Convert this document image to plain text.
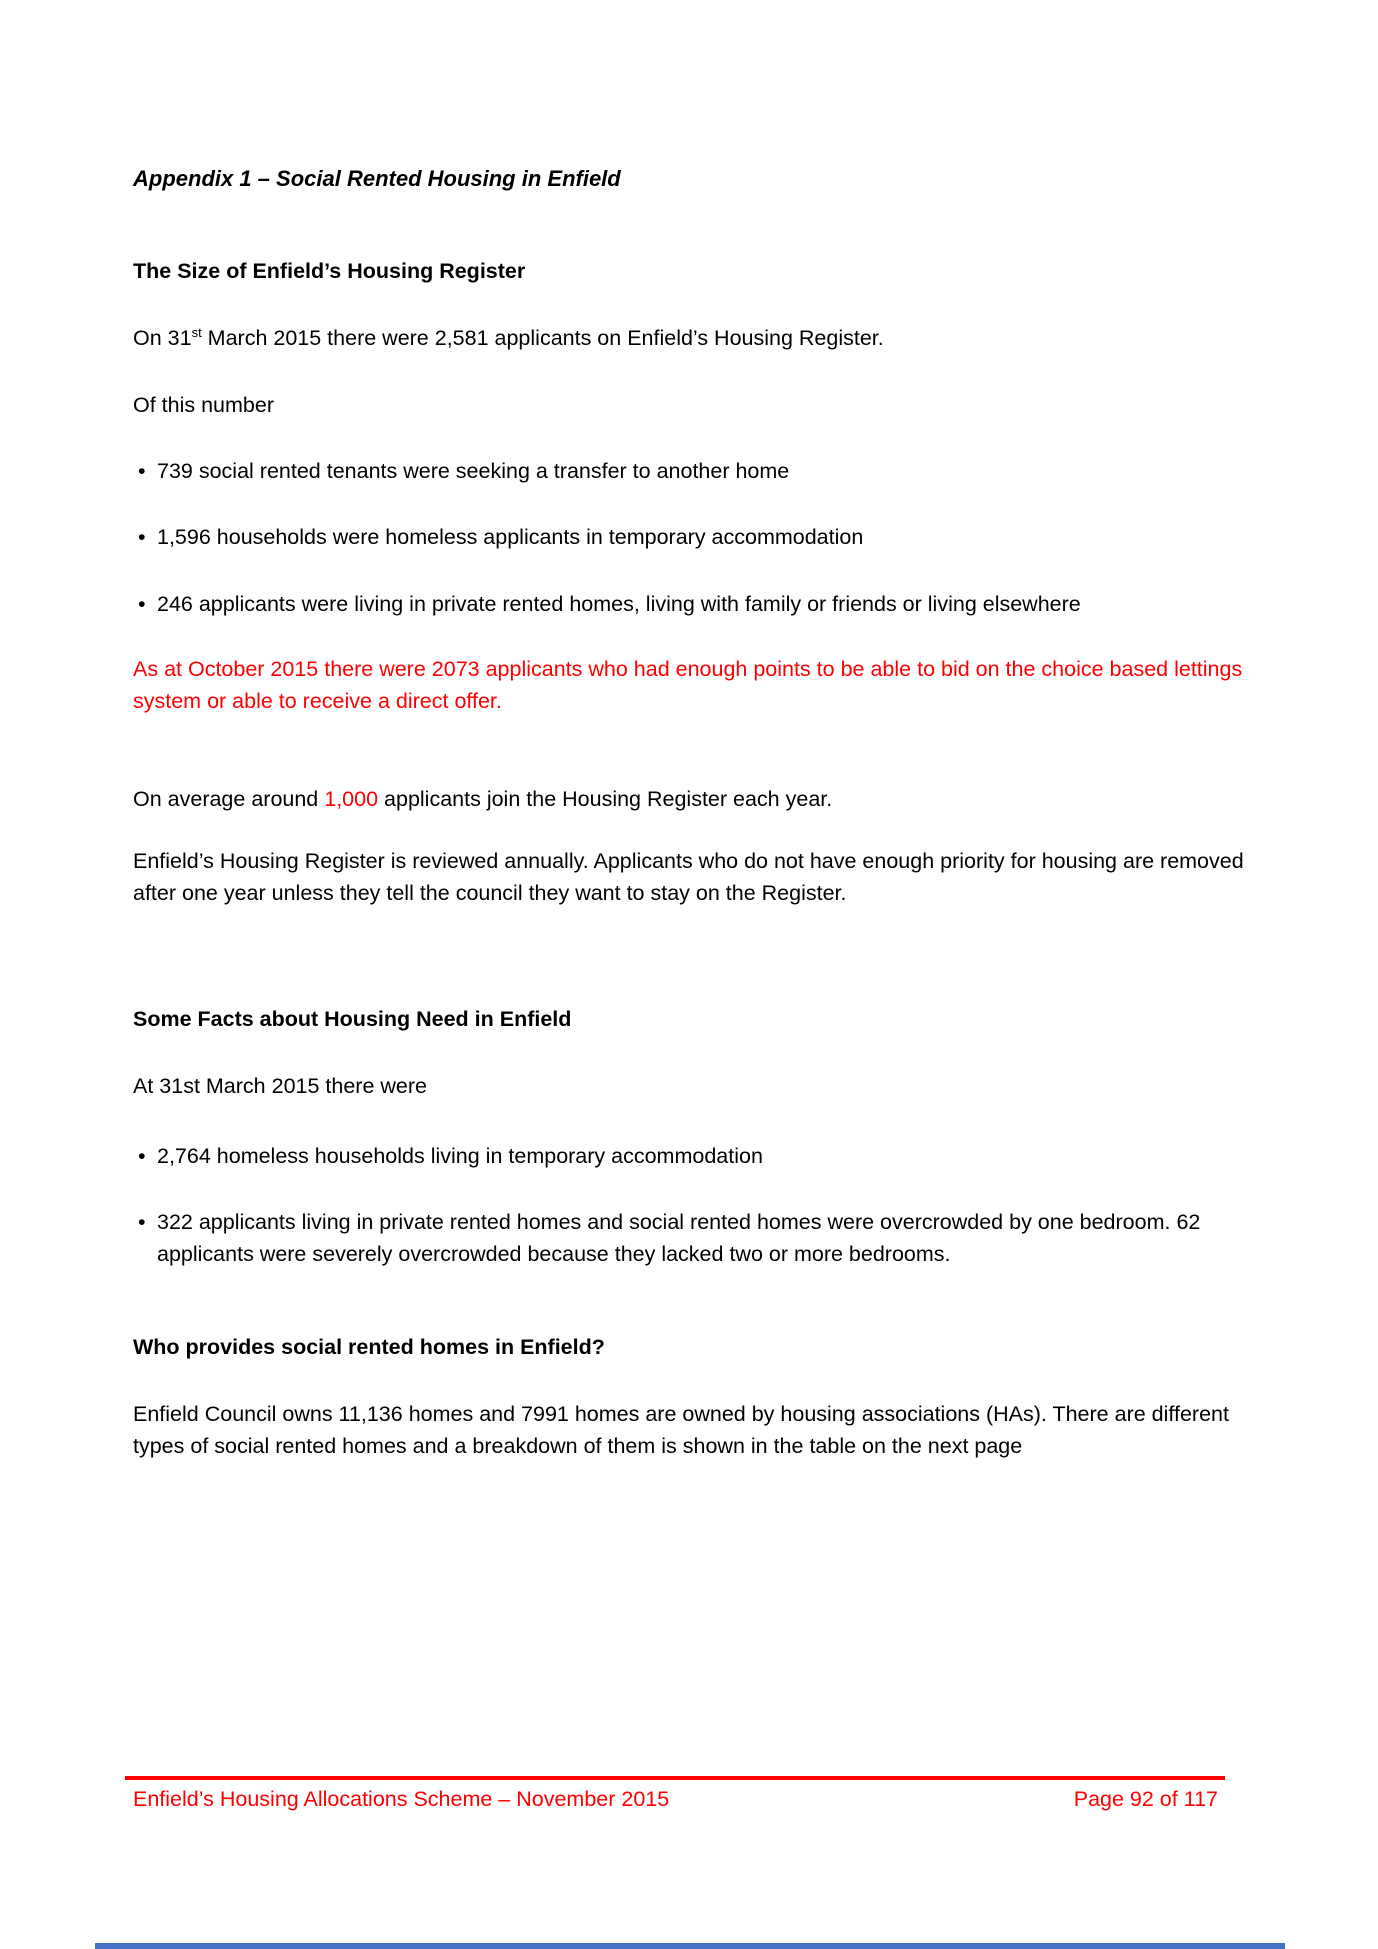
Appendix 1 – Social Rented Housing in Enfield
The Size of Enfield’s Housing Register
On 31st March 2015 there were 2,581 applicants on Enfield’s Housing Register.
Of this number
•
739 social rented tenants were seeking a transfer to another home
•
1,596 households were homeless applicants in temporary accommodation
•
246 applicants were living in private rented homes, living with family or friends or living elsewhere
As at October 2015 there were 2073 applicants who had enough points to be able to bid on the choice based lettings system or able to receive a direct offer.
On average around 1,000 applicants join the Housing Register each year.
Enfield’s Housing Register is reviewed annually. Applicants who do not have enough priority for housing are removed after one year unless they tell the council they want to stay on the Register.
Some Facts about Housing Need in Enfield
At 31st March 2015 there were
•
2,764 homeless households living in temporary accommodation
•
322 applicants living in private rented homes and social rented homes were overcrowded by one bedroom. 62 applicants were severely overcrowded because they lacked two or more bedrooms.
Who provides social rented homes in Enfield?
Enfield Council owns 11,136 homes and 7991 homes are owned by housing associations (HAs). There are different types of social rented homes and a breakdown of them is shown in the table on the next page
Enfield’s Housing Allocations Scheme – November 2015	Page 92 of 117
